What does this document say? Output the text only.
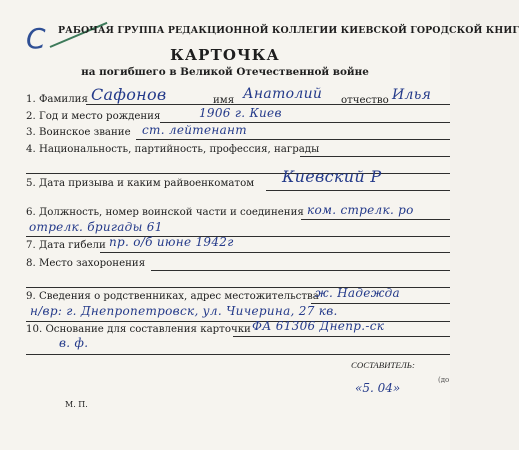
С РАБОЧАЯ ГРУППА РЕДАКЦИОННОЙ КОЛЛЕГИИ КИЕВСКОЙ ГОРОДСКОЙ КНИГ
КАРТОЧКА
на погибшего в Великой Отечественной войне
1. Фамилия	имя	отчество
Сафонов	Анатолий	Илья
2. Год и место рождения	1906 г. Киев
3. Воинское звание ст. лейтенант
4. Национальность, партийность, профессия, награды
5. Дата призыва и каким райвоенкоматом Киевский Р
6. Должность, номер воинской части и соединения ком. стрелк. ро
отрелк. бригады 61
7. Дата гибели пр. о/б июне 1942г
8. Место захоронения
9. Сведения о родственниках, адрес местожительства
ж. Надежда
н/вр: г. Днепропетровск, ул. Чичерина, 27 кв.
10. Основание для составления карточки ФА 61306 Днепр.-ск
в. ф.
СОСТАВИТЕЛЬ:
(до
«5. 04»
М. П.
